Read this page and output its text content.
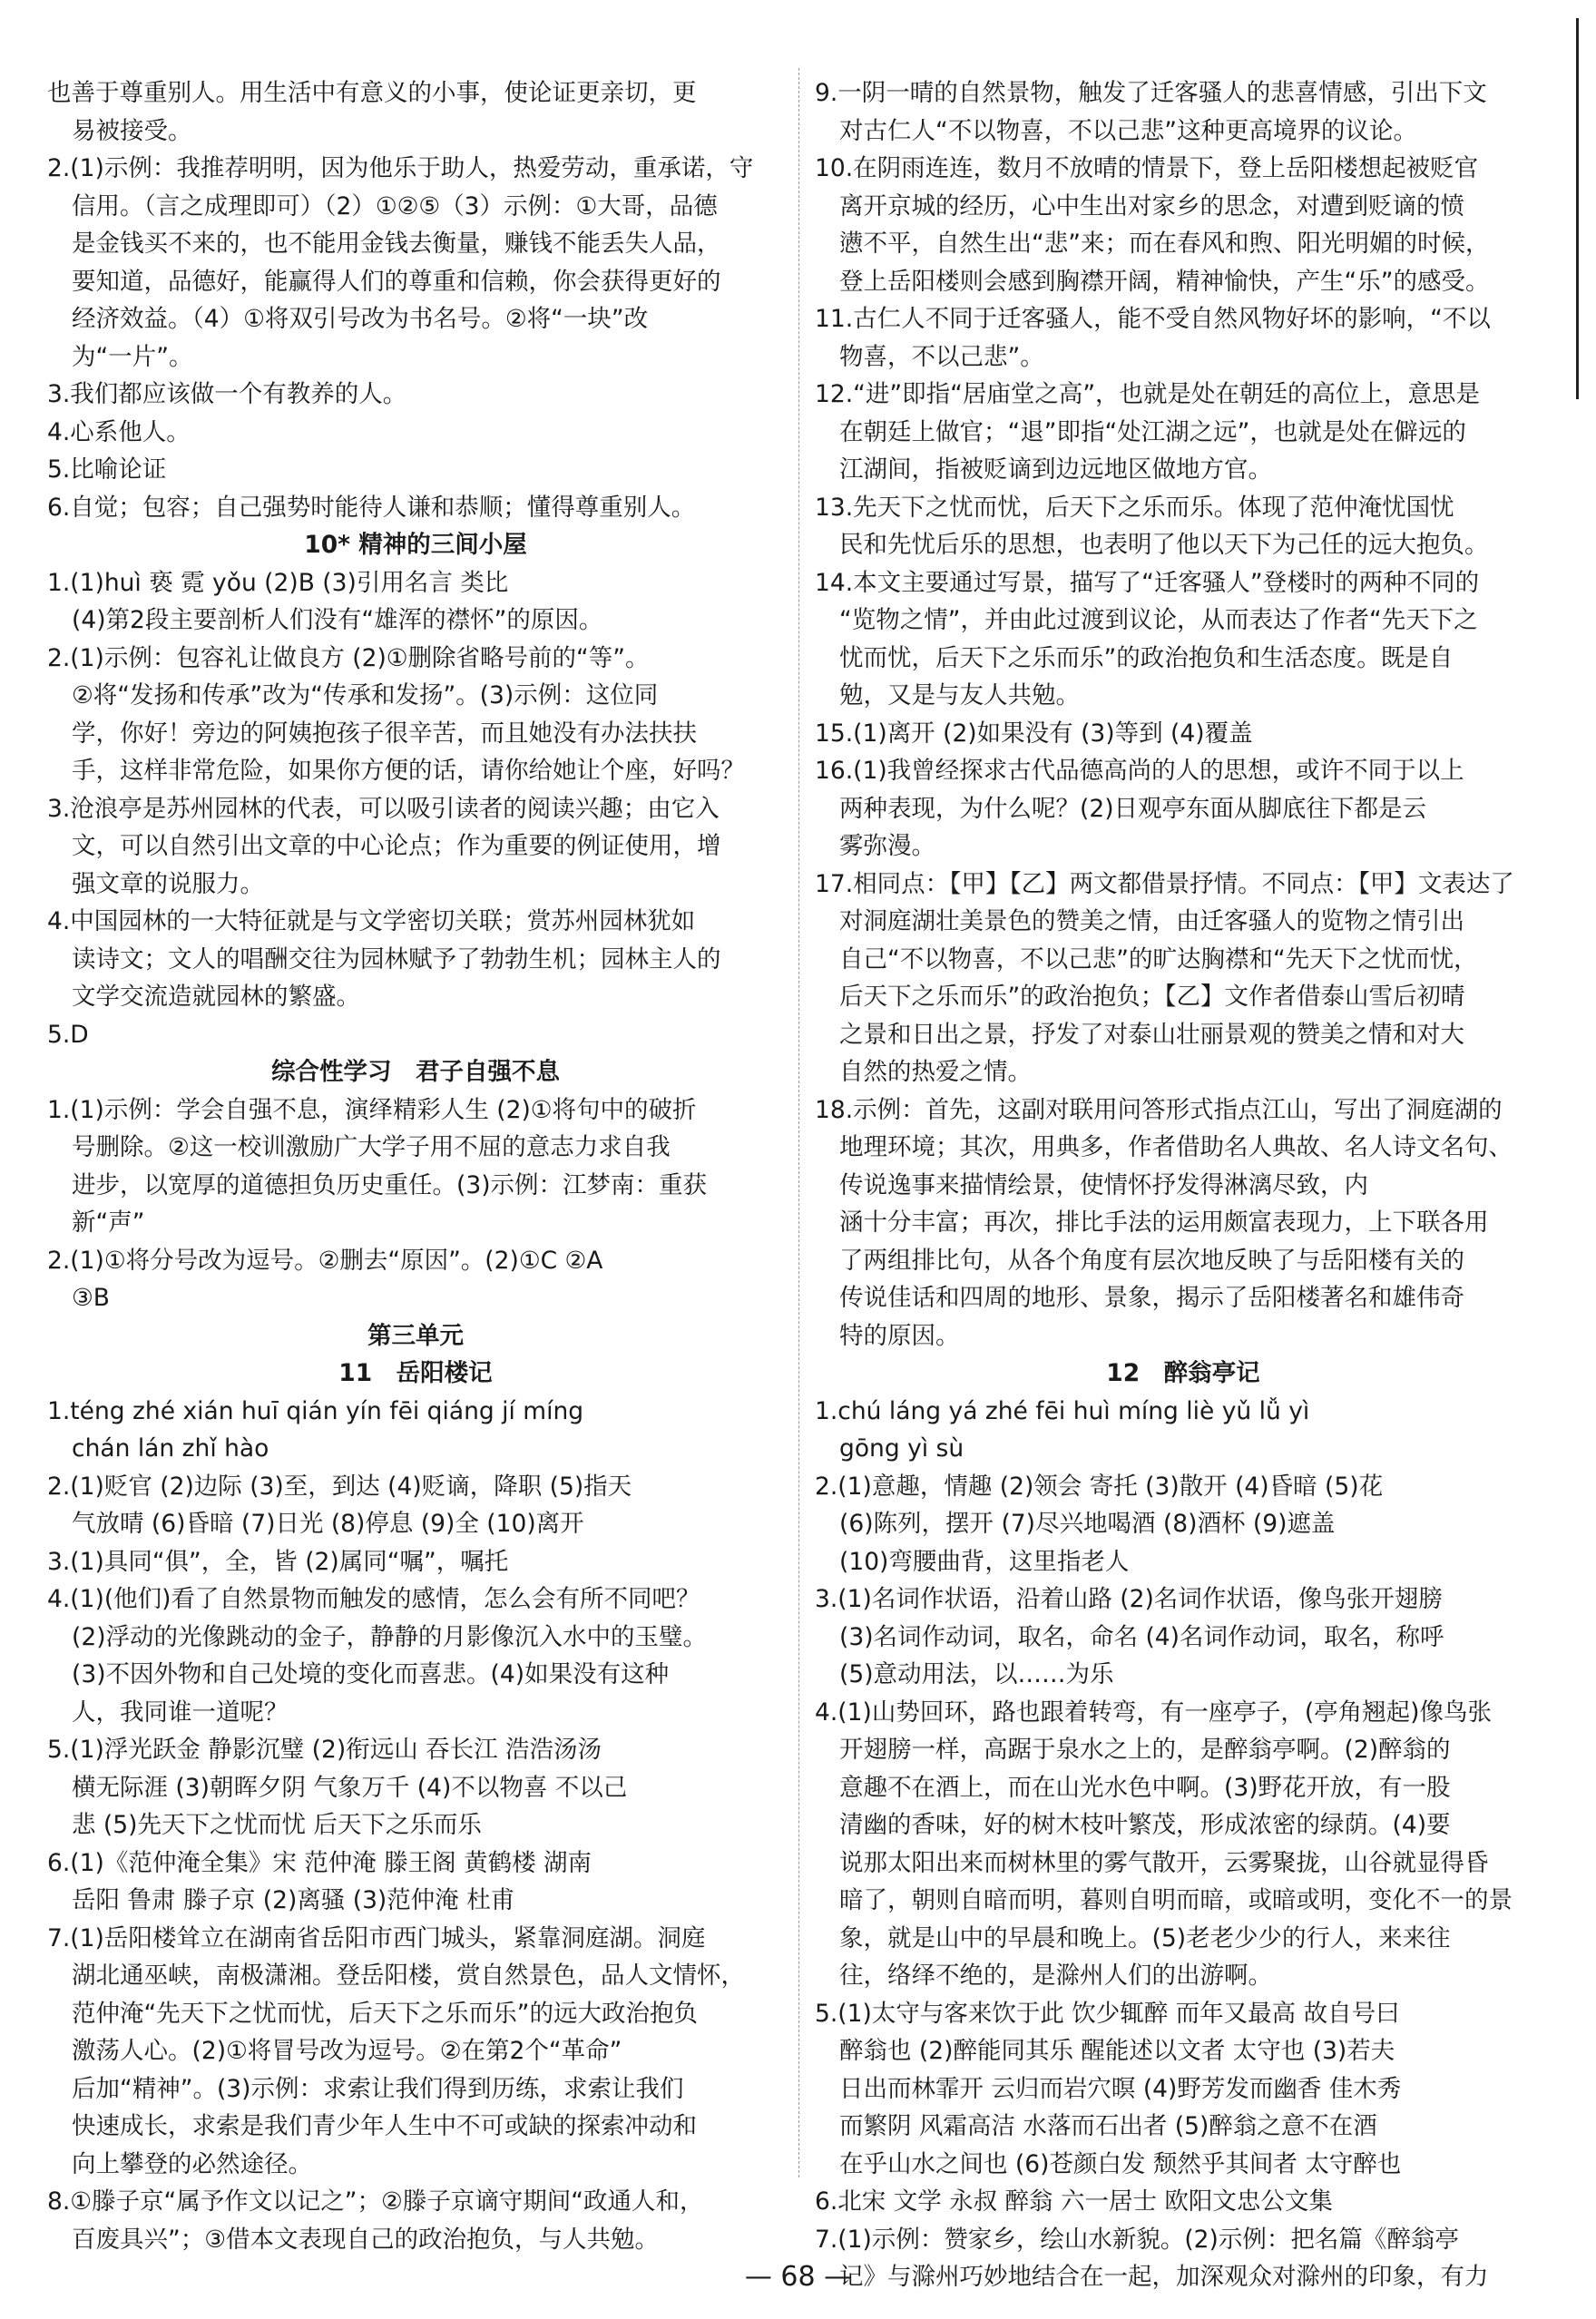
也善于尊重别人。用生活中有意义的小事，使论证更亲切，更
易被接受。
2.(1)示例：我推荐明明，因为他乐于助人，热爱劳动，重承诺，守
信用。（言之成理即可）（2）①②⑤（3）示例：①大哥，品德
是金钱买不来的，也不能用金钱去衡量，赚钱不能丢失人品，
要知道，品德好，能赢得人们的尊重和信赖，你会获得更好的
经济效益。（4）①将双引号改为书名号。②将“一块”改
为“一片”。
3.我们都应该做一个有教养的人。
4.心系他人。
5.比喻论证
6.自觉；包容；自己强势时能待人谦和恭顺；懂得尊重别人。
10* 精神的三间小屋
1.(1)huì 亵 霓 yǒu (2)B (3)引用名言 类比
(4)第2段主要剖析人们没有“雄浑的襟怀”的原因。
2.(1)示例：包容礼让做良方 (2)①删除省略号前的“等”。
②将“发扬和传承”改为“传承和发扬”。(3)示例：这位同
学，你好！旁边的阿姨抱孩子很辛苦，而且她没有办法扶扶
手，这样非常危险，如果你方便的话，请你给她让个座，好吗？
3.沧浪亭是苏州园林的代表，可以吸引读者的阅读兴趣；由它入
文，可以自然引出文章的中心论点；作为重要的例证使用，增
强文章的说服力。
4.中国园林的一大特征就是与文学密切关联；赏苏州园林犹如
读诗文；文人的唱酬交往为园林赋予了勃勃生机；园林主人的
文学交流造就园林的繁盛。
5.D
综合性学习　君子自强不息
1.(1)示例：学会自强不息，演绎精彩人生 (2)①将句中的破折
号删除。②这一校训激励广大学子用不屈的意志力求自我
进步，以宽厚的道德担负历史重任。(3)示例：江梦南：重获
新“声”
2.(1)①将分号改为逗号。②删去“原因”。(2)①C ②A
③B
第三单元
11　岳阳楼记
1.téng zhé xián huī qián yín fēi qiáng jí míng
chán lán zhǐ hào
2.(1)贬官 (2)边际 (3)至，到达 (4)贬谪，降职 (5)指天
气放晴 (6)昏暗 (7)日光 (8)停息 (9)全 (10)离开
3.(1)具同“俱”，全，皆 (2)属同“嘱”，嘱托
4.(1)(他们)看了自然景物而触发的感情，怎么会有所不同吧？
(2)浮动的光像跳动的金子，静静的月影像沉入水中的玉璧。
(3)不因外物和自己处境的变化而喜悲。(4)如果没有这种
人，我同谁一道呢？
5.(1)浮光跃金 静影沉璧 (2)衔远山 吞长江 浩浩汤汤
横无际涯 (3)朝晖夕阴 气象万千 (4)不以物喜 不以己
悲 (5)先天下之忧而忧 后天下之乐而乐
6.(1)《范仲淹全集》宋 范仲淹 滕王阁 黄鹤楼 湖南
岳阳 鲁肃 滕子京 (2)离骚 (3)范仲淹 杜甫
7.(1)岳阳楼耸立在湖南省岳阳市西门城头，紧靠洞庭湖。洞庭
湖北通巫峡，南极潇湘。登岳阳楼，赏自然景色，品人文情怀，
范仲淹“先天下之忧而忧，后天下之乐而乐”的远大政治抱负
激荡人心。(2)①将冒号改为逗号。②在第2个“革命”
后加“精神”。(3)示例：求索让我们得到历练，求索让我们
快速成长，求索是我们青少年人生中不可或缺的探索冲动和
向上攀登的必然途径。
8.①滕子京“属予作文以记之”；②滕子京谪守期间“政通人和，
百废具兴”；③借本文表现自己的政治抱负，与人共勉。
9.一阴一晴的自然景物，触发了迁客骚人的悲喜情感，引出下文
对古仁人“不以物喜，不以己悲”这种更高境界的议论。
10.在阴雨连连，数月不放晴的情景下，登上岳阳楼想起被贬官
离开京城的经历，心中生出对家乡的思念，对遭到贬谪的愤
懑不平，自然生出“悲”来；而在春风和煦、阳光明媚的时候，
登上岳阳楼则会感到胸襟开阔，精神愉快，产生“乐”的感受。
11.古仁人不同于迁客骚人，能不受自然风物好坏的影响，“不以
物喜，不以己悲”。
12.“进”即指“居庙堂之高”，也就是处在朝廷的高位上，意思是
在朝廷上做官；“退”即指“处江湖之远”，也就是处在僻远的
江湖间，指被贬谪到边远地区做地方官。
13.先天下之忧而忧，后天下之乐而乐。体现了范仲淹忧国忧
民和先忧后乐的思想，也表明了他以天下为己任的远大抱负。
14.本文主要通过写景，描写了“迁客骚人”登楼时的两种不同的
“览物之情”，并由此过渡到议论，从而表达了作者“先天下之
忧而忧，后天下之乐而乐”的政治抱负和生活态度。既是自
勉，又是与友人共勉。
15.(1)离开 (2)如果没有 (3)等到 (4)覆盖
16.(1)我曾经探求古代品德高尚的人的思想，或许不同于以上
两种表现，为什么呢？(2)日观亭东面从脚底往下都是云
雾弥漫。
17.相同点：【甲】【乙】两文都借景抒情。不同点：【甲】文表达了
对洞庭湖壮美景色的赞美之情，由迁客骚人的览物之情引出
自己“不以物喜，不以己悲”的旷达胸襟和“先天下之忧而忧，
后天下之乐而乐”的政治抱负；【乙】文作者借泰山雪后初晴
之景和日出之景，抒发了对泰山壮丽景观的赞美之情和对大
自然的热爱之情。
18.示例：首先，这副对联用问答形式指点江山，写出了洞庭湖的
地理环境；其次，用典多，作者借助名人典故、名人诗文名句、
传说逸事来描情绘景，使情怀抒发得淋漓尽致，内
涵十分丰富；再次，排比手法的运用颇富表现力，上下联各用
了两组排比句，从各个角度有层次地反映了与岳阳楼有关的
传说佳话和四周的地形、景象，揭示了岳阳楼著名和雄伟奇
特的原因。
12　醉翁亭记
1.chú láng yá zhé fēi huì míng liè yǔ lǚ yì
gōng yì sù
2.(1)意趣，情趣 (2)领会 寄托 (3)散开 (4)昏暗 (5)花
(6)陈列，摆开 (7)尽兴地喝酒 (8)酒杯 (9)遮盖
(10)弯腰曲背，这里指老人
3.(1)名词作状语，沿着山路 (2)名词作状语，像鸟张开翅膀
(3)名词作动词，取名，命名 (4)名词作动词，取名，称呼
(5)意动用法，以……为乐
4.(1)山势回环，路也跟着转弯，有一座亭子，(亭角翘起)像鸟张
开翅膀一样，高踞于泉水之上的，是醉翁亭啊。(2)醉翁的
意趣不在酒上，而在山光水色中啊。(3)野花开放，有一股
清幽的香味，好的树木枝叶繁茂，形成浓密的绿荫。(4)要
说那太阳出来而树林里的雾气散开，云雾聚拢，山谷就显得昏
暗了，朝则自暗而明，暮则自明而暗，或暗或明，变化不一的景
象，就是山中的早晨和晚上。(5)老老少少的行人，来来往
往，络绎不绝的，是滁州人们的出游啊。
5.(1)太守与客来饮于此 饮少辄醉 而年又最高 故自号曰
醉翁也 (2)醉能同其乐 醒能述以文者 太守也 (3)若夫
日出而林霏开 云归而岩穴暝 (4)野芳发而幽香 佳木秀
而繁阴 风霜高洁 水落而石出者 (5)醉翁之意不在酒
在乎山水之间也 (6)苍颜白发 颓然乎其间者 太守醉也
6.北宋 文学 永叔 醉翁 六一居士 欧阳文忠公文集
7.(1)示例：赞家乡，绘山水新貌。(2)示例：把名篇《醉翁亭
记》与滁州巧妙地结合在一起，加深观众对滁州的印象，有力
— 68 —
